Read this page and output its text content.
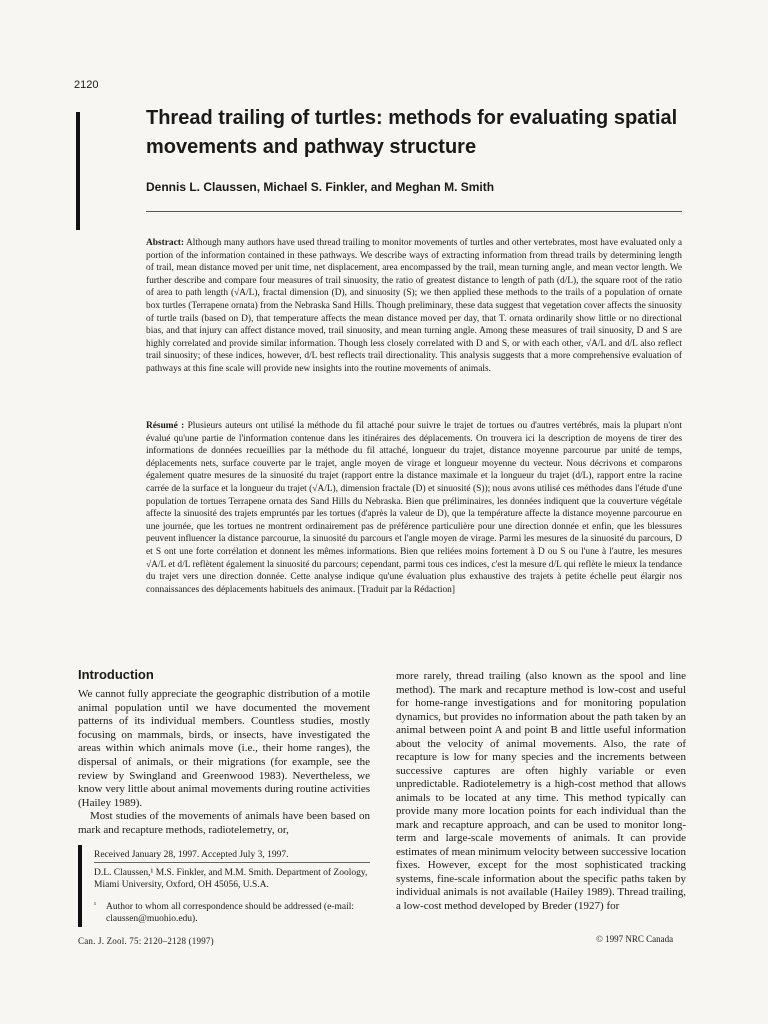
2120
Thread trailing of turtles: methods for evaluating spatial movements and pathway structure
Dennis L. Claussen, Michael S. Finkler, and Meghan M. Smith
Abstract: Although many authors have used thread trailing to monitor movements of turtles and other vertebrates, most have evaluated only a portion of the information contained in these pathways. We describe ways of extracting information from thread trails by determining length of trail, mean distance moved per unit time, net displacement, area encompassed by the trail, mean turning angle, and mean vector length. We further describe and compare four measures of trail sinuosity, the ratio of greatest distance to length of path (d/L), the square root of the ratio of area to path length (√A/L), fractal dimension (D), and sinuosity (S); we then applied these methods to the trails of a population of ornate box turtles (Terrapene ornata) from the Nebraska Sand Hills. Though preliminary, these data suggest that vegetation cover affects the sinuosity of turtle trails (based on D), that temperature affects the mean distance moved per day, that T. ornata ordinarily show little or no directional bias, and that injury can affect distance moved, trail sinuosity, and mean turning angle. Among these measures of trail sinuosity, D and S are highly correlated and provide similar information. Though less closely correlated with D and S, or with each other, √A/L and d/L also reflect trail sinuosity; of these indices, however, d/L best reflects trail directionality. This analysis suggests that a more comprehensive evaluation of pathways at this fine scale will provide new insights into the routine movements of animals.
Résumé : Plusieurs auteurs ont utilisé la méthode du fil attaché pour suivre le trajet de tortues ou d'autres vertébrés, mais la plupart n'ont évalué qu'une partie de l'information contenue dans les itinéraires des déplacements. On trouvera ici la description de moyens de tirer des informations de données recueillies par la méthode du fil attaché, longueur du trajet, distance moyenne parcourue par unité de temps, déplacements nets, surface couverte par le trajet, angle moyen de virage et longueur moyenne du vecteur. Nous décrivons et comparons également quatre mesures de la sinuosité du trajet (rapport entre la distance maximale et la longueur du trajet (d/L), rapport entre la racine carrée de la surface et la longueur du trajet (√A/L), dimension fractale (D) et sinuosité (S)); nous avons utilisé ces méthodes dans l'étude d'une population de tortues Terrapene ornata des Sand Hills du Nebraska. Bien que préliminaires, les données indiquent que la couverture végétale affecte la sinuosité des trajets empruntés par les tortues (d'après la valeur de D), que la température affecte la distance moyenne parcourue en une journée, que les tortues ne montrent ordinairement pas de préférence particulière pour une direction donnée et enfin, que les blessures peuvent influencer la distance parcourue, la sinuosité du parcours et l'angle moyen de virage. Parmi les mesures de la sinuosité du parcours, D et S ont une forte corrélation et donnent les mêmes informations. Bien que reliées moins fortement à D ou S ou l'une à l'autre, les mesures √A/L et d/L reflètent également la sinuosité du parcours; cependant, parmi tous ces indices, c'est la mesure d/L qui reflète le mieux la tendance du trajet vers une direction donnée. Cette analyse indique qu'une évaluation plus exhaustive des trajets à petite échelle peut élargir nos connaissances des déplacements habituels des animaux. [Traduit par la Rédaction]
Introduction

We cannot fully appreciate the geographic distribution of a motile animal population until we have documented the movement patterns of its individual members. Countless studies, mostly focusing on mammals, birds, or insects, have investigated the areas within which animals move (i.e., their home ranges), the dispersal of animals, or their migrations (for example, see the review by Swingland and Greenwood 1983). Nevertheless, we know very little about animal movements during routine activities (Hailey 1989).

Most studies of the movements of animals have been based on mark and recapture methods, radiotelemetry, or,

more rarely, thread trailing (also known as the spool and line method). The mark and recapture method is low-cost and useful for home-range investigations and for monitoring population dynamics, but provides no information about the path taken by an animal between point A and point B and little useful information about the velocity of animal movements. Also, the rate of recapture is low for many species and the increments between successive captures are often highly variable or even unpredictable. Radiotelemetry is a high-cost method that allows animals to be located at any time. This method typically can provide many more location points for each individual than the mark and recapture approach, and can be used to monitor long-term and large-scale movements of animals. It can provide estimates of mean minimum velocity between successive location fixes. However, except for the most sophisticated tracking systems, fine-scale information about the specific paths taken by individual animals is not available (Hailey 1989). Thread trailing, a low-cost method developed by Breder (1927) for

Received January 28, 1997. Accepted July 3, 1997.
D.L. Claussen,¹ M.S. Finkler, and M.M. Smith. Department of Zoology, Miami University, Oxford, OH 45056, U.S.A.
¹ Author to whom all correspondence should be addressed (e-mail: claussen@muohio.edu).
Can. J. Zool. 75: 2120–2128 (1997)	© 1997 NRC Canada
